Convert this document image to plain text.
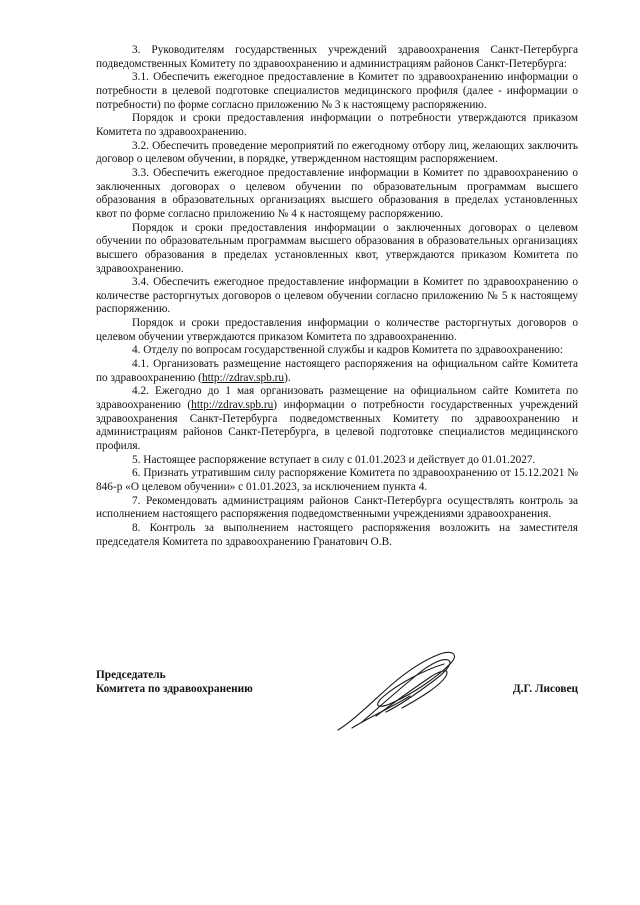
3. Руководителям государственных учреждений здравоохранения Санкт-Петербурга подведомственных Комитету по здравоохранению и администрациям районов Санкт-Петербурга:

3.1. Обеспечить ежегодное предоставление в Комитет по здравоохранению информации о потребности в целевой подготовке специалистов медицинского профиля (далее - информации о потребности) по форме согласно приложению № 3 к настоящему распоряжению.

Порядок и сроки предоставления информации о потребности утверждаются приказом Комитета по здравоохранению.

3.2. Обеспечить проведение мероприятий по ежегодному отбору лиц, желающих заключить договор о целевом обучении, в порядке, утвержденном настоящим распоряжением.

3.3. Обеспечить ежегодное предоставление информации в Комитет по здравоохранению о заключенных договорах о целевом обучении по образовательным программам высшего образования в образовательных организациях высшего образования в пределах установленных квот по форме согласно приложению № 4 к настоящему распоряжению.

Порядок и сроки предоставления информации о заключенных договорах о целевом обучении по образовательным программам высшего образования в образовательных организациях высшего образования в пределах установленных квот, утверждаются приказом Комитета по здравоохранению.

3.4. Обеспечить ежегодное предоставление информации в Комитет по здравоохранению о количестве расторгнутых договоров о целевом обучении согласно приложению № 5 к настоящему распоряжению.

Порядок и сроки предоставления информации о количестве расторгнутых договоров о целевом обучении утверждаются приказом Комитета по здравоохранению.

4. Отделу по вопросам государственной службы и кадров Комитета по здравоохранению:

4.1. Организовать размещение настоящего распоряжения на официальном сайте Комитета по здравоохранению (http://zdrav.spb.ru).

4.2. Ежегодно до 1 мая организовать размещение на официальном сайте Комитета по здравоохранению (http://zdrav.spb.ru) информации о потребности государственных учреждений здравоохранения Санкт-Петербурга подведомственных Комитету по здравоохранению и администрациям районов Санкт-Петербурга, в целевой подготовке специалистов медицинского профиля.

5. Настоящее распоряжение вступает в силу с 01.01.2023 и действует до 01.01.2027.

6. Признать утратившим силу распоряжение Комитета по здравоохранению от 15.12.2021 № 846-р «О целевом обучении» с 01.01.2023, за исключением пункта 4.

7. Рекомендовать администрациям районов Санкт-Петербурга осуществлять контроль за исполнением настоящего распоряжения подведомственными учреждениями здравоохранения.

8. Контроль за выполнением настоящего распоряжения возложить на заместителя председателя Комитета по здравоохранению Гранатович О.В.

Председатель
Комитета по здравоохранению	Д.Г. Лисовец
